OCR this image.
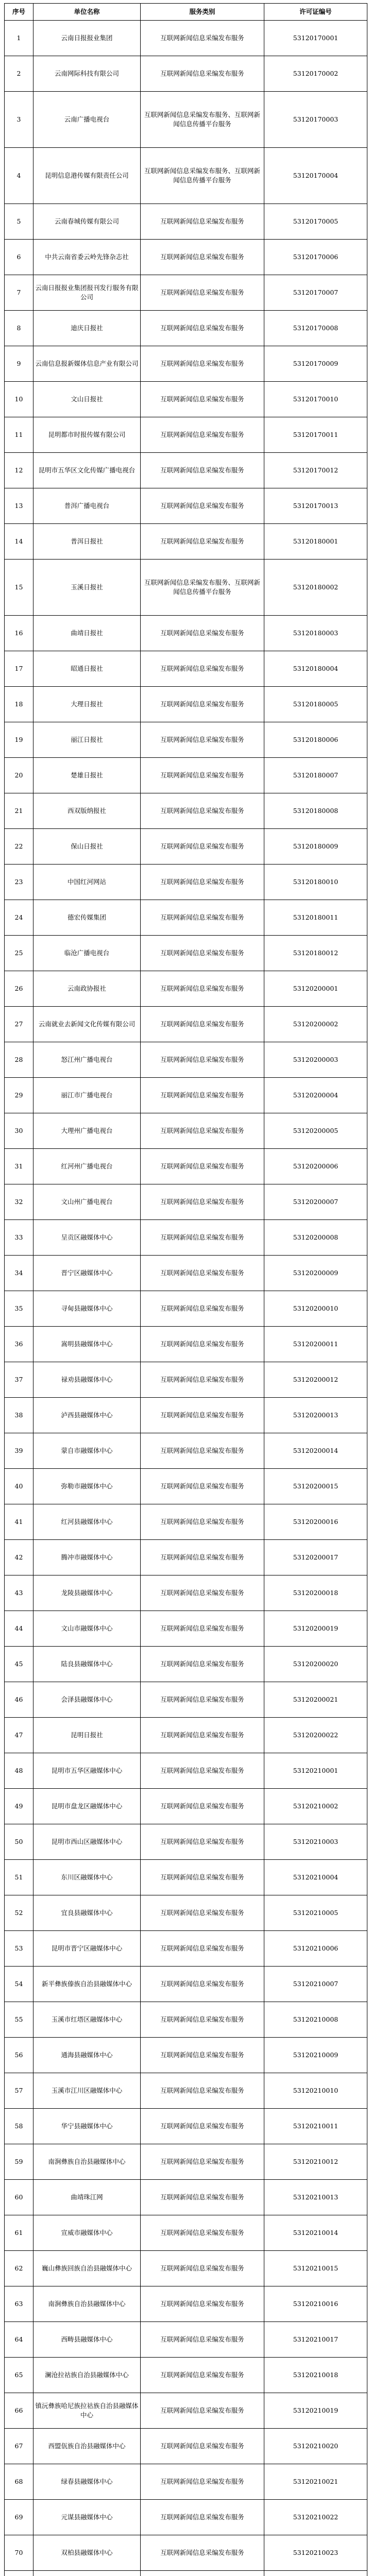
序号	单位名称	服务类别	许可证编号
1	云南日报报业集团	互联网新闻信息采编发布服务	53120170001
2	云南网际科技有限公司	互联网新闻信息采编发布服务	53120170002
3	云南广播电视台	互联网新闻信息采编发布服务、互联网新闻信息传播平台服务	53120170003
4	昆明信息港传媒有限责任公司	互联网新闻信息采编发布服务、互联网新闻信息传播平台服务	53120170004
5	云南春城传媒有限公司	互联网新闻信息采编发布服务	53120170005
6	中共云南省委云岭先锋杂志社	互联网新闻信息采编发布服务	53120170006
7	云南日报报业集团报刊发行服务有限公司	互联网新闻信息采编发布服务	53120170007
8	迪庆日报社	互联网新闻信息采编发布服务	53120170008
9	云南信息报新媒体信息产业有限公司	互联网新闻信息采编发布服务	53120170009
10	文山日报社	互联网新闻信息采编发布服务	53120170010
11	昆明都市时报传媒有限公司	互联网新闻信息采编发布服务	53120170011
12	昆明市五华区文化传媒广播电视台	互联网新闻信息采编发布服务	53120170012
13	普洱广播电视台	互联网新闻信息采编发布服务	53120170013
14	普洱日报社	互联网新闻信息采编发布服务	53120180001
15	玉溪日报社	互联网新闻信息采编发布服务、互联网新闻信息传播平台服务	53120180002
16	曲靖日报社	互联网新闻信息采编发布服务	53120180003
17	昭通日报社	互联网新闻信息采编发布服务	53120180004
18	大理日报社	互联网新闻信息采编发布服务	53120180005
19	丽江日报社	互联网新闻信息采编发布服务	53120180006
20	楚雄日报社	互联网新闻信息采编发布服务	53120180007
21	西双版纳报社	互联网新闻信息采编发布服务	53120180008
22	保山日报社	互联网新闻信息采编发布服务	53120180009
23	中国红河网站	互联网新闻信息采编发布服务	53120180010
24	德宏传媒集团	互联网新闻信息采编发布服务	53120180011
25	临沧广播电视台	互联网新闻信息采编发布服务	53120180012
26	云南政协报社	互联网新闻信息采编发布服务	53120200001
27	云南就业去新闻文化传媒有限公司	互联网新闻信息采编发布服务	53120200002
28	怒江州广播电视台	互联网新闻信息采编发布服务	53120200003
29	丽江市广播电视台	互联网新闻信息采编发布服务	53120200004
30	大理州广播电视台	互联网新闻信息采编发布服务	53120200005
31	红河州广播电视台	互联网新闻信息采编发布服务	53120200006
32	文山州广播电视台	互联网新闻信息采编发布服务	53120200007
33	呈贡区融媒体中心	互联网新闻信息采编发布服务	53120200008
34	晋宁区融媒体中心	互联网新闻信息采编发布服务	53120200009
35	寻甸县融媒体中心	互联网新闻信息采编发布服务	53120200010
36	嵩明县融媒体中心	互联网新闻信息采编发布服务	53120200011
37	禄劝县融媒体中心	互联网新闻信息采编发布服务	53120200012
38	泸西县融媒体中心	互联网新闻信息采编发布服务	53120200013
39	蒙自市融媒体中心	互联网新闻信息采编发布服务	53120200014
40	弥勒市融媒体中心	互联网新闻信息采编发布服务	53120200015
41	红河县融媒体中心	互联网新闻信息采编发布服务	53120200016
42	腾冲市融媒体中心	互联网新闻信息采编发布服务	53120200017
43	龙陵县融媒体中心	互联网新闻信息采编发布服务	53120200018
44	文山市融媒体中心	互联网新闻信息采编发布服务	53120200019
45	陆良县融媒体中心	互联网新闻信息采编发布服务	53120200020
46	会泽县融媒体中心	互联网新闻信息采编发布服务	53120200021
47	昆明日报社	互联网新闻信息采编发布服务	53120200022
48	昆明市五华区融媒体中心	互联网新闻信息采编发布服务	53120210001
49	昆明市盘龙区融媒体中心	互联网新闻信息采编发布服务	53120210002
50	昆明市西山区融媒体中心	互联网新闻信息采编发布服务	53120210003
51	东川区融媒体中心	互联网新闻信息采编发布服务	53120210004
52	宜良县融媒体中心	互联网新闻信息采编发布服务	53120210005
53	昆明市晋宁区融媒体中心	互联网新闻信息采编发布服务	53120210006
54	新平彝族傣族自治县融媒体中心	互联网新闻信息采编发布服务	53120210007
55	玉溪市红塔区融媒体中心	互联网新闻信息采编发布服务	53120210008
56	通海县融媒体中心	互联网新闻信息采编发布服务	53120210009
57	玉溪市江川区融媒体中心	互联网新闻信息采编发布服务	53120210010
58	华宁县融媒体中心	互联网新闻信息采编发布服务	53120210011
59	南涧彝族自治县融媒体中心	互联网新闻信息采编发布服务	53120210012
60	曲靖珠江网	互联网新闻信息采编发布服务	53120210013
61	宣威市融媒体中心	互联网新闻信息采编发布服务	53120210014
62	巍山彝族回族自治县融媒体中心	互联网新闻信息采编发布服务	53120210015
63	南涧彝族自治县融媒体中心	互联网新闻信息采编发布服务	53120210016
64	西畴县融媒体中心	互联网新闻信息采编发布服务	53120210017
65	澜沧拉祜族自治县融媒体中心	互联网新闻信息采编发布服务	53120210018
66	镇沅彝族哈尼族拉祜族自治县融媒体中心	互联网新闻信息采编发布服务	53120210019
67	西盟佤族自治县融媒体中心	互联网新闻信息采编发布服务	53120210020
68	绿春县融媒体中心	互联网新闻信息采编发布服务	53120210021
69	元谋县融媒体中心	互联网新闻信息采编发布服务	53120210022
70	双柏县融媒体中心	互联网新闻信息采编发布服务	53120210023
